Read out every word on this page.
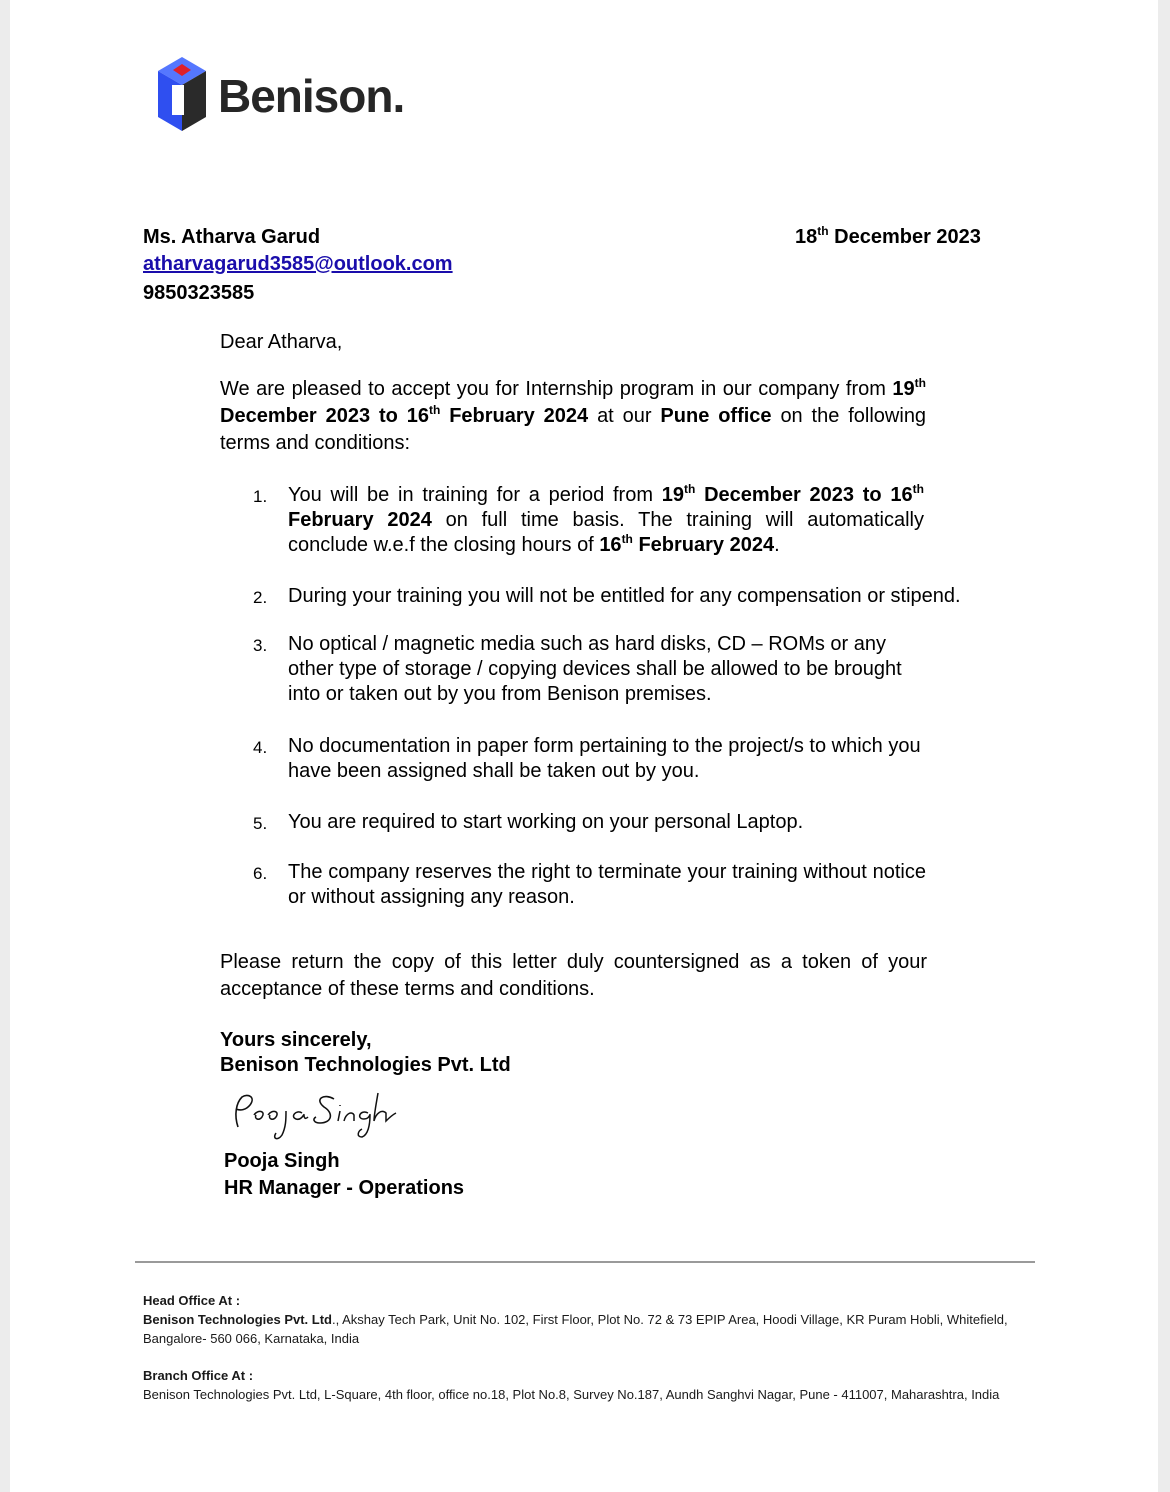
Benison.
Ms. Atharva Garud
atharvagarud3585@outlook.com
9850323585
18th December 2023
Dear Atharva,
We are pleased to accept you for Internship program in our company from 19th December 2023 to 16th February 2024 at our Pune office on the following terms and conditions:
1. You will be in training for a period from 19th December 2023 to 16th February 2024 on full time basis. The training will automatically conclude w.e.f the closing hours of 16th February 2024.
2. During your training you will not be entitled for any compensation or stipend.
3. No optical / magnetic media such as hard disks, CD – ROMs or any other type of storage / copying devices shall be allowed to be brought into or taken out by you from Benison premises.
4. No documentation in paper form pertaining to the project/s to which you have been assigned shall be taken out by you.
5. You are required to start working on your personal Laptop.
6. The company reserves the right to terminate your training without notice or without assigning any reason.
Please return the copy of this letter duly countersigned as a token of your acceptance of these terms and conditions.
Yours sincerely,
Benison Technologies Pvt. Ltd
Pooja Singh
HR Manager - Operations
Head Office At :
Benison Technologies Pvt. Ltd., Akshay Tech Park, Unit No. 102, First Floor, Plot No. 72 & 73 EPIP Area, Hoodi Village, KR Puram Hobli, Whitefield, Bangalore- 560 066, Karnataka, India
Branch Office At :
Benison Technologies Pvt. Ltd, L-Square, 4th floor, office no.18, Plot No.8, Survey No.187, Aundh Sanghvi Nagar, Pune - 411007, Maharashtra, India
